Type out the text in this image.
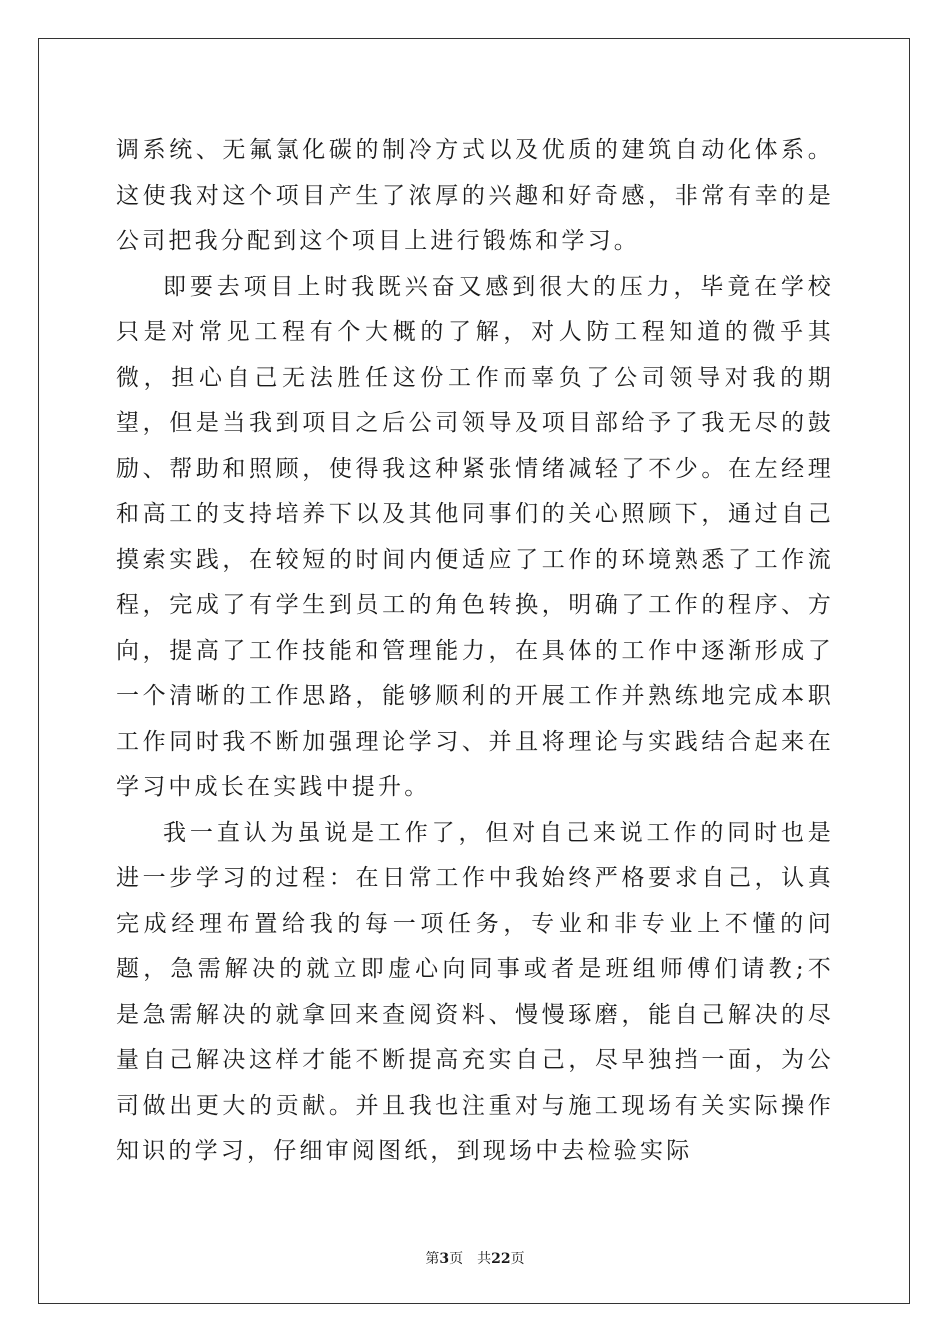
调系统、无氟氯化碳的制冷方式以及优质的建筑自动化体系。这使我对这个项目产生了浓厚的兴趣和好奇感，非常有幸的是公司把我分配到这个项目上进行锻炼和学习。

即要去项目上时我既兴奋又感到很大的压力，毕竟在学校只是对常见工程有个大概的了解，对人防工程知道的微乎其微，担心自己无法胜任这份工作而辜负了公司领导对我的期望，但是当我到项目之后公司领导及项目部给予了我无尽的鼓励、帮助和照顾，使得我这种紧张情绪减轻了不少。在左经理和高工的支持培养下以及其他同事们的关心照顾下，通过自己摸索实践，在较短的时间内便适应了工作的环境熟悉了工作流程，完成了有学生到员工的角色转换，明确了工作的程序、方向，提高了工作技能和管理能力，在具体的工作中逐渐形成了一个清晰的工作思路，能够顺利的开展工作并熟练地完成本职工作同时我不断加强理论学习、并且将理论与实践结合起来在学习中成长在实践中提升。

我一直认为虽说是工作了，但对自己来说工作的同时也是进一步学习的过程：在日常工作中我始终严格要求自己，认真完成经理布置给我的每一项任务，专业和非专业上不懂的问题，急需解决的就立即虚心向同事或者是班组师傅们请教;不是急需解决的就拿回来查阅资料、慢慢琢磨，能自己解决的尽量自己解决这样才能不断提高充实自己，尽早独挡一面，为公司做出更大的贡献。并且我也注重对与施工现场有关实际操作知识的学习，仔细审阅图纸，到现场中去检验实际

第3页 共22页
